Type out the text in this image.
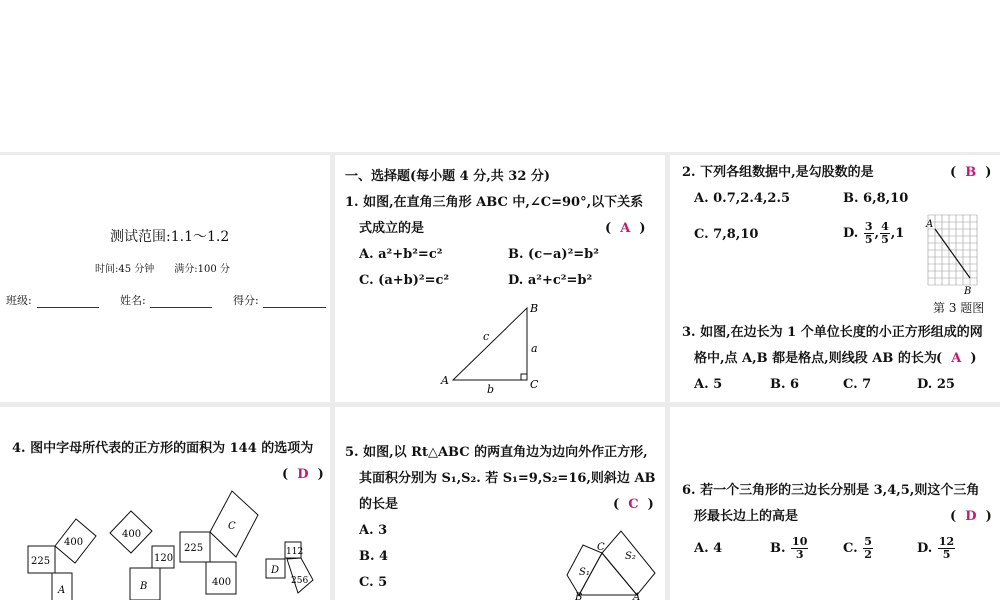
测试范围:1.1～1.2
时间:45 分钟　　满分:100 分
班级:	姓名:	得分:
一、选择题(每小题 4 分,共 32 分)
1. 如图,在直角三角形 ABC 中,∠C=90°,以下关系
式成立的是	( A )
A. a²+b²=c²	B. (c−a)²=b²
C. (a+b)²=c²	D. a²+c²=b²
A
B
C
a
b
c
2. 下列各组数据中,是勾股数的是	( B )
A. 0.7,2.4,2.5	B. 6,8,10
C. 7,8,10	D. $\frac{3}{5}$ , $\frac{4}{5} ,1$
A
B
第 3 题图
3. 如图,在边长为 1 个单位长度的小正方形组成的网
格中,点 A,B 都是格点,则线段 AB 的长为 ( A )
A. 5	B. 6	C. 7	D. 25
4. 图中字母所代表的正方形的面积为 144 的选项为
( D )
225
400
A
400
120
B
225
C
400
112
D
256
5. 如图,以 Rt△ABC 的两直角边为边向外作正方形,
其面积分别为 S₁,S₂. 若 S₁=9,S₂=16,则斜边 AB
的长是	( C )
A. 3
B. 4
C. 5
S₁
S₂
C
B	A
6. 若一个三角形的三边长分别是 3,4,5,则这个三角
形最长边上的高是	( D )
A. 4	B. $\frac{10}{3}$	C. $\frac{5}{2}$	D. $\frac{12}{5}$
